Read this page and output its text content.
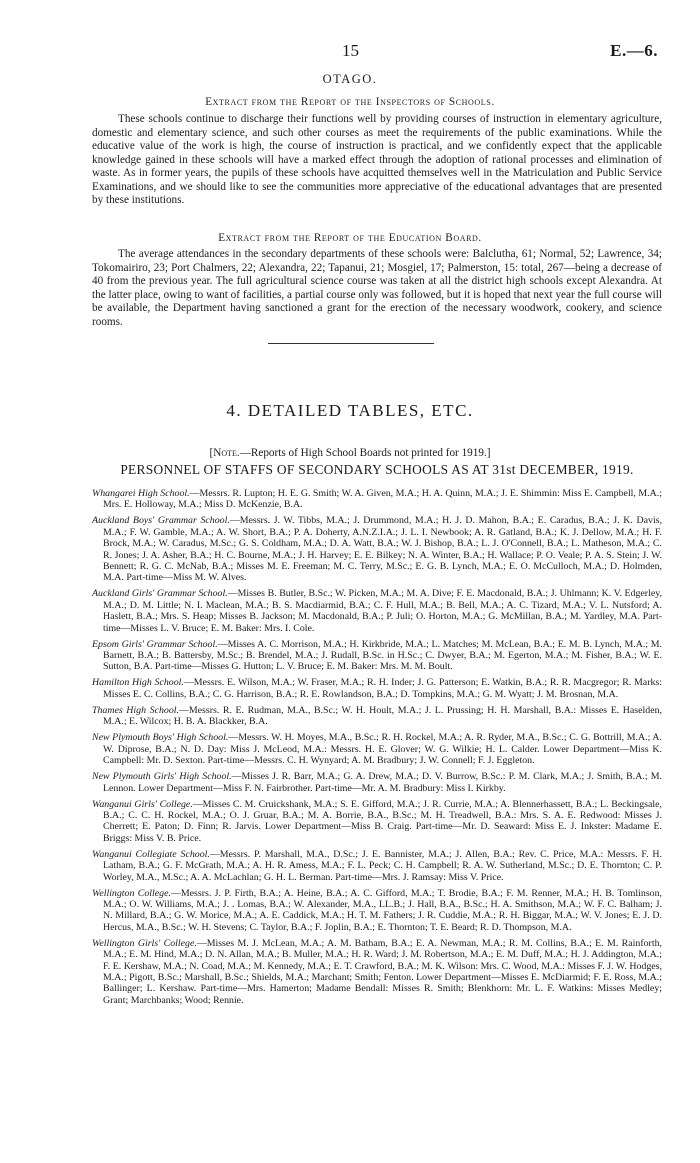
15	E.—6.
OTAGO.
Extract from the Report of the Inspectors of Schools.

These schools continue to discharge their functions well by providing courses of instruction in elementary agriculture, domestic and elementary science, and such other courses as meet the requirements of the public examinations. While the educative value of the work is high, the course of instruction is practical, and we confidently expect that the applicable knowledge gained in these schools will have a marked effect through the adoption of rational processes and elimination of waste. As in former years, the pupils of these schools have acquitted themselves well in the Matriculation and Public Service Examinations, and we should like to see the communities more appreciative of the educational advantages that are presented by these institutions.

Extract from the Report of the Education Board.

The average attendances in the secondary departments of these schools were: Balclutha, 61; Normal, 52; Lawrence, 34; Tokomairiro, 23; Port Chalmers, 22; Alexandra, 22; Tapanui, 21; Mosgiel, 17; Palmerston, 15: total, 267—being a decrease of 40 from the previous year. The full agricultural science course was taken at all the district high schools except Alexandra. At the latter place, owing to want of facilities, a partial course only was followed, but it is hoped that next year the full course will be available, the Department having sanctioned a grant for the erection of the necessary woodwork, cookery, and science rooms.

4. DETAILED TABLES, ETC.
[Note.—Reports of High School Boards not printed for 1919.]
PERSONNEL OF STAFFS OF SECONDARY SCHOOLS AS AT 31st DECEMBER, 1919.

Whangarei High School.—Messrs. R. Lupton; H. E. G. Smith; W. A. Given, M.A.; H. A. Quinn, M.A.; J. E. Shimmin: Miss E. Campbell, M.A.; Mrs. E. Holloway, M.A.; Miss D. McKenzie, B.A.

Auckland Boys' Grammar School.—Messrs. J. W. Tibbs, M.A.; J. Drummond, M.A.; H. J. D. Mahon, B.A.; E. Caradus, B.A.; J. K. Davis, M.A.; F. W. Gamble, M.A.; A. W. Short, B.A.; P. A. Doherty, A.N.Z.I.A.; J. L. I. Newbook; A. R. Gatland, B.A.; K. J. Dellow, M.A.; H. F. Brock, M.A.; W. Caradus, M.Sc.; G. S. Coldham, M.A.; D. A. Watt, B.A.; W. J. Bishop, B.A.; L. J. O'Connell, B.A.; L. Matheson, M.A.; C. R. Jones; J. A. Asher, B.A.; H. C. Bourne, M.A.; J. H. Harvey; E. E. Bilkey; N. A. Winter, B.A.; H. Wallace; P. O. Veale; P. A. S. Stein; J. W. Bennett; R. G. C. McNab, B.A.; Misses M. E. Freeman; M. C. Terry, M.Sc.; E. G. B. Lynch, M.A.; E. O. McCulloch, M.A.; D. Holmden, M.A. Part-time—Miss M. W. Alves.

Auckland Girls' Grammar School.—Misses B. Butler, B.Sc.; W. Picken, M.A.; M. A. Dive; F. E. Macdonald, B.A.; J. Uhlmann; K. V. Edgerley, M.A.; D. M. Little; N. I. Maclean, M.A.; B. S. Macdiarmid, B.A.; C. F. Hull, M.A.; B. Bell, M.A.; A. C. Tizard, M.A.; V. L. Nutsford; A. Haslett, B.A.; Mrs. S. Heap; Misses B. Jackson; M. Macdonald, B.A.; P. Juli; O. Horton, M.A.; G. McMillan, B.A.; M. Yardley, M.A. Part-time—Misses L. V. Bruce; E. M. Baker: Mrs. I. Cole.

Epsom Girls' Grammar School.—Misses A. C. Morrison, M.A.; H. Kirkbride, M.A.; L. Matches; M. McLean, B.A.; E. M. B. Lynch, M.A.; M. Barnett, B.A.; B. Battersby, M.Sc.; B. Brendel, M.A.; J. Rudall, B.Sc. in H.Sc.; C. Dwyer, B.A.; M. Egerton, M.A.; M. Fisher, B.A.; W. E. Sutton, B.A. Part-time—Misses G. Hutton; L. V. Bruce; E. M. Baker: Mrs. M. M. Boult.

Hamilton High School.—Messrs. E. Wilson, M.A.; W. Fraser, M.A.; R. H. Inder; J. G. Patterson; E. Watkin, B.A.; R. R. Macgregor; R. Marks: Misses E. C. Collins, B.A.; C. G. Harrison, B.A.; R. E. Rowlandson, B.A.; D. Tompkins, M.A.; G. M. Wyatt; J. M. Brosnan, M.A.

Thames High School.—Messrs. R. E. Rudman, M.A., B.Sc.; W. H. Hoult, M.A.; J. L. Prussing; H. H. Marshall, B.A.: Misses E. Haselden, M.A.; E. Wilcox; H. B. A. Blackker, B.A.

New Plymouth Boys' High School.—Messrs. W. H. Moyes, M.A., B.Sc.; R. H. Rockel, M.A.; A. R. Ryder, M.A., B.Sc.; C. G. Bottrill, M.A.; A. W. Diprose, B.A.; N. D. Day: Miss J. McLeod, M.A.: Messrs. H. E. Glover; W. G. Wilkie; H. L. Calder. Lower Department—Miss K. Campbell: Mr. D. Sexton. Part-time—Messrs. C. H. Wynyard; A. M. Bradbury; J. W. Connell; F. J. Eggleton.

New Plymouth Girls' High School.—Misses J. R. Barr, M.A.; G. A. Drew, M.A.; D. V. Burrow, B.Sc.: P. M. Clark, M.A.; J. Smith, B.A.; M. Lennon. Lower Department—Miss F. N. Fairbrother. Part-time—Mr. A. M. Bradbury: Miss I. Kirkby.

Wanganui Girls' College.—Misses C. M. Cruickshank, M.A.; S. E. Gifford, M.A.; J. R. Currie, M.A.; A. Blennerhassett, B.A.; L. Beckingsale, B.A.; C. C. H. Rockel, M.A.; O. J. Gruar, B.A.; M. A. Borrie, B.A., B.Sc.; M. H. Treadwell, B.A.: Mrs. S. A. E. Redwood: Misses J. Cherrett; E. Paton; D. Finn; R. Jarvis. Lower Department—Miss B. Craig. Part-time—Mr. D. Seaward: Miss E. J. Inkster: Madame E. Briggs: Miss V. B. Price.

Wanganui Collegiate School.—Messrs. P. Marshall, M.A., D.Sc.; J. E. Bannister, M.A.; J. Allen, B.A.; Rev. C. Price, M.A.: Messrs. F. H. Latham, B.A.; G. F. McGrath, M.A.; A. H. R. Amess, M.A.; F. L. Peck; C. H. Campbell; R. A. W. Sutherland, M.Sc.; D. E. Thornton; C. P. Worley, M.A., M.Sc.; A. A. McLachlan; G. H. L. Berman. Part-time—Mrs. J. Ramsay: Miss V. Price.

Wellington College.—Messrs. J. P. Firth, B.A.; A. Heine, B.A.; A. C. Gifford, M.A.; T. Brodie, B.A.; F. M. Renner, M.A.; H. B. Tomlinson, M.A.; O. W. Williams, M.A.; J. . Lomas, B.A.; W. Alexander, M.A., LL.B.; J. Hall, B.A., B.Sc.; H. A. Smithson, M.A.; W. F. C. Balham; J. N. Millard, B.A.; G. W. Morice, M.A.; A. E. Caddick, M.A.; H. T. M. Fathers; J. R. Cuddie, M.A.; R. H. Biggar, M.A.; W. V. Jones; E. J. D. Hercus, M.A., B.Sc.; W. H. Stevens; C. Taylor, B.A.; F. Joplin, B.A.; E. Thornton; T. E. Beard; R. D. Thompson, M.A.

Wellington Girls' College.—Misses M. J. McLean, M.A.; A. M. Batham, B.A.; E. A. Newman, M.A.; R. M. Collins, B.A.; E. M. Rainforth, M.A.; E. M. Hind, M.A.; D. N. Allan, M.A.; B. Muller, M.A.; H. R. Ward; J. M. Robertson, M.A.; E. M. Duff, M.A.; H. J. Addington, M.A.; F. E. Kershaw, M.A.; N. Coad, M.A.; M. Kennedy, M.A.; E. T. Crawford, B.A.; M. K. Wilson: Mrs. C. Wood, M.A.: Misses F. J. W. Hodges, M.A.; Pigott, B.Sc.; Marshall, B.Sc.; Shields, M.A.; Marchant; Smith; Fenton. Lower Department—Misses E. McDiarmid; F. E. Ross, M.A.; Ballinger; L. Kershaw. Part-time—Mrs. Hamerton; Madame Bendall: Misses R. Smith; Blenkhorn: Mr. L. F. Watkins: Misses Medley; Grant; Marchbanks; Wood; Rennie.
